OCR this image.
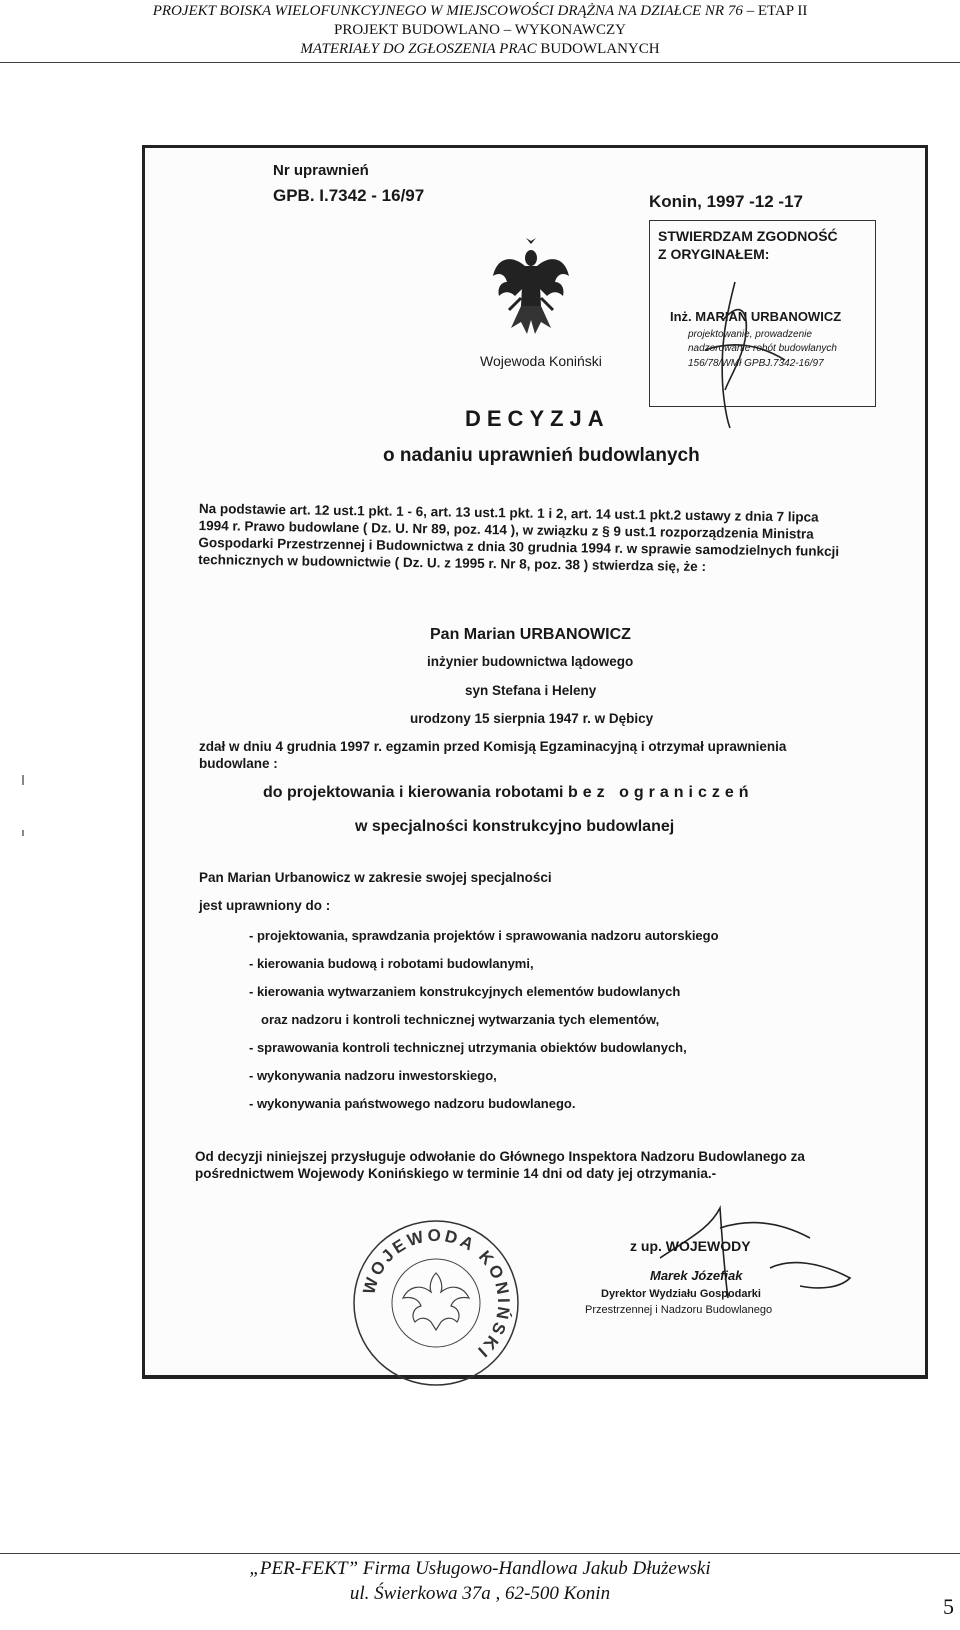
PROJEKT BOISKA WIELOFUNKCYJNEGO W MIEJSCOWOŚCI DRĄŻNA NA DZIAŁCE NR 76 – ETAP II
PROJEKT BUDOWLANO – WYKONAWCZY
MATERIAŁY DO ZGŁOSZENIA PRAC BUDOWLANYCH
Nr uprawnień
GPB. I.7342 - 16/97	Konin, 1997 -12 -17
STWIERDZAM ZGODNOŚĆ
Z ORYGINAŁEM:
Inż. MARIAN URBANOWICZ
projektowanie, prowadzenie
nadzorowanie robót budowlanych
156/78/WMł GPBJ.7342-16/97
Wojewoda Koniński
DECYZJA
o nadaniu uprawnień budowlanych

Na podstawie art. 12 ust.1 pkt. 1 - 6, art. 13 ust.1 pkt. 1 i 2, art. 14 ust.1 pkt.2 ustawy z dnia 7 lipca 1994 r. Prawo budowlane ( Dz. U. Nr 89, poz. 414 ), w związku z § 9 ust.1 rozporządzenia Ministra Gospodarki Przestrzennej i Budownictwa z dnia 30 grudnia 1994 r. w sprawie samodzielnych funkcji technicznych w budownictwie ( Dz. U. z 1995 r. Nr 8, poz. 38 ) stwierdza się, że :

Pan Marian URBANOWICZ
inżynier budownictwa lądowego
syn Stefana i Heleny
urodzony 15 sierpnia 1947 r. w Dębicy

zdał w dniu 4 grudnia 1997 r. egzamin przed Komisją Egzaminacyjną i otrzymał uprawnienia budowlane :

do projektowania i kierowania robotami bez ograniczeń
w specjalności konstrukcyjno budowlanej
Pan Marian Urbanowicz w zakresie swojej specjalności
jest uprawniony do :
- projektowania, sprawdzania projektów i sprawowania nadzoru autorskiego
- kierowania budową i robotami budowlanymi,
- kierowania wytwarzaniem konstrukcyjnych elementów budowlanych
oraz nadzoru i kontroli technicznej wytwarzania tych elementów,
- sprawowania kontroli technicznej utrzymania obiektów budowlanych,
- wykonywania nadzoru inwestorskiego,
- wykonywania państwowego nadzoru budowlanego.

Od decyzji niniejszej przysługuje odwołanie do Głównego Inspektora Nadzoru Budowlanego za pośrednictwem Wojewody Konińskiego w terminie 14 dni od daty jej otrzymania.-

WOJEWODA KONIŃSKI
z up. WOJEWODY
Marek Józefiak
Dyrektor Wydziału Gospodarki
Przestrzennej i Nadzoru Budowlanego
„PER-FEKT” Firma Usługowo-Handlowa Jakub Dłużewski
ul. Świerkowa 37a , 62-500 Konin
5
